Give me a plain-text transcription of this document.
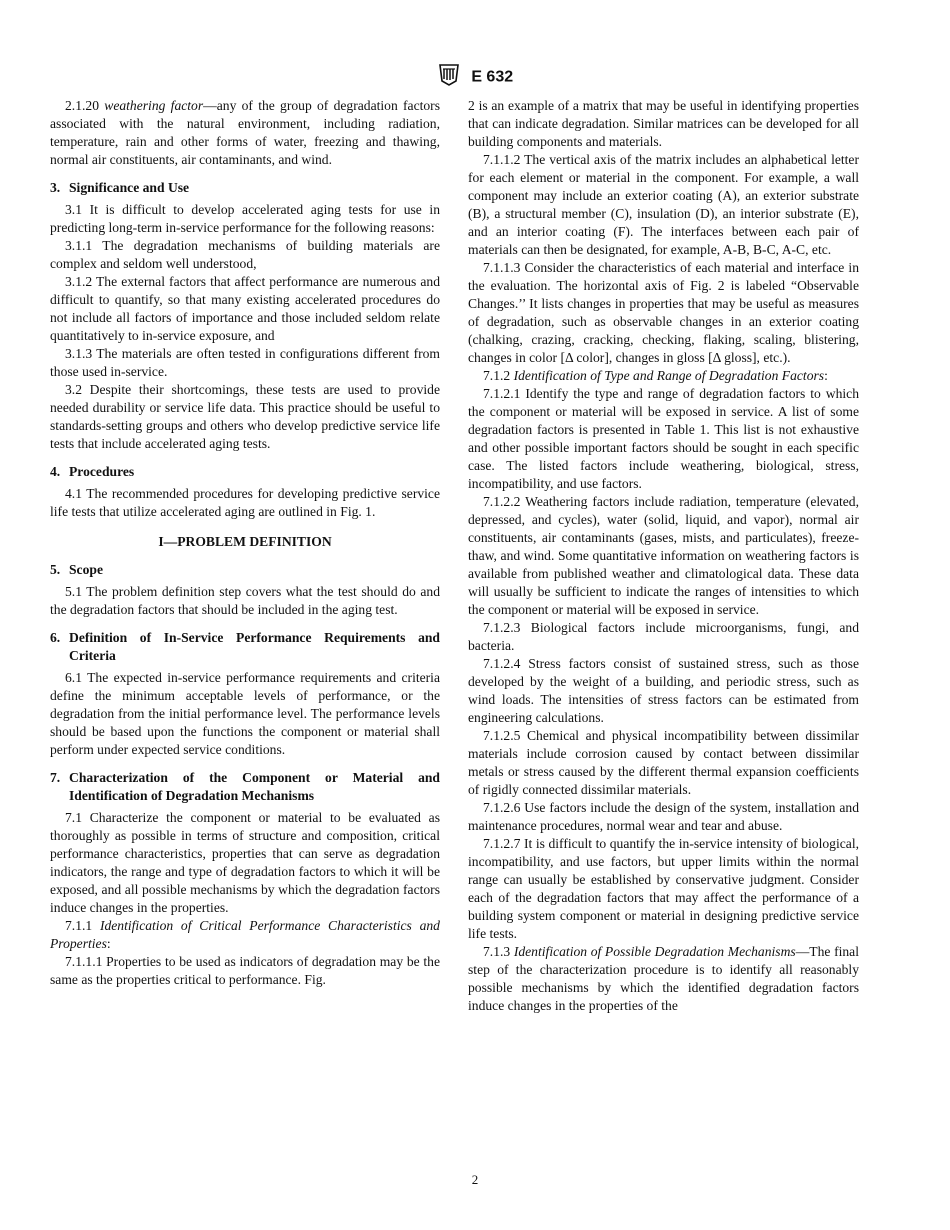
E 632

2.1.20 weathering factor—any of the group of degradation factors associated with the natural environment, including radiation, temperature, rain and other forms of water, freezing and thawing, normal air constituents, air contaminants, and wind.

3. Significance and Use

3.1 It is difficult to develop accelerated aging tests for use in predicting long-term in-service performance for the following reasons:

3.1.1 The degradation mechanisms of building materials are complex and seldom well understood,

3.1.2 The external factors that affect performance are numerous and difficult to quantify, so that many existing accelerated procedures do not include all factors of importance and those included seldom relate quantitatively to in-service exposure, and

3.1.3 The materials are often tested in configurations different from those used in-service.

3.2 Despite their shortcomings, these tests are used to provide needed durability or service life data. This practice should be useful to standards-setting groups and others who develop predictive service life tests that include accelerated aging tests.

4. Procedures

4.1 The recommended procedures for developing predictive service life tests that utilize accelerated aging are outlined in Fig. 1.

I—PROBLEM DEFINITION
5. Scope

5.1 The problem definition step covers what the test should do and the degradation factors that should be included in the aging test.

6. Definition of In-Service Performance Requirements and Criteria

6.1 The expected in-service performance requirements and criteria define the minimum acceptable levels of performance, or the degradation from the initial performance level. The performance levels should be based upon the functions the component or material shall perform under expected service conditions.

7. Characterization of the Component or Material and Identification of Degradation Mechanisms

7.1 Characterize the component or material to be evaluated as thoroughly as possible in terms of structure and composition, critical performance characteristics, properties that can serve as degradation indicators, the range and type of degradation factors to which it will be exposed, and all possible mechanisms by which the degradation factors induce changes in the properties.

7.1.1 Identification of Critical Performance Characteristics and Properties:

7.1.1.1 Properties to be used as indicators of degradation may be the same as the properties critical to performance. Fig.

2 is an example of a matrix that may be useful in identifying properties that can indicate degradation. Similar matrices can be developed for all building components and materials.

7.1.1.2 The vertical axis of the matrix includes an alphabetical letter for each element or material in the component. For example, a wall component may include an exterior coating (A), an exterior substrate (B), a structural member (C), insulation (D), an interior substrate (E), and an interior coating (F). The interfaces between each pair of materials can then be designated, for example, A-B, B-C, A-C, etc.

7.1.1.3 Consider the characteristics of each material and interface in the evaluation. The horizontal axis of Fig. 2 is labeled “Observable Changes.’’ It lists changes in properties that may be useful as measures of degradation, such as observable changes in an exterior coating (chalking, crazing, cracking, checking, flaking, scaling, blistering, changes in color [Δ color], changes in gloss [Δ gloss], etc.).

7.1.2 Identification of Type and Range of Degradation Factors:

7.1.2.1 Identify the type and range of degradation factors to which the component or material will be exposed in service. A list of some degradation factors is presented in Table 1. This list is not exhaustive and other possible important factors should be sought in each specific case. The listed factors include weathering, biological, stress, incompatibility, and use factors.

7.1.2.2 Weathering factors include radiation, temperature (elevated, depressed, and cycles), water (solid, liquid, and vapor), normal air constituents, air contaminants (gases, mists, and particulates), freeze-thaw, and wind. Some quantitative information on weathering factors is available from published weather and climatological data. These data will usually be sufficient to indicate the ranges of intensities to which the component or material will be exposed in service.

7.1.2.3 Biological factors include microorganisms, fungi, and bacteria.

7.1.2.4 Stress factors consist of sustained stress, such as those developed by the weight of a building, and periodic stress, such as wind loads. The intensities of stress factors can be estimated from engineering calculations.

7.1.2.5 Chemical and physical incompatibility between dissimilar materials include corrosion caused by contact between dissimilar metals or stress caused by the different thermal expansion coefficients of rigidly connected dissimilar materials.

7.1.2.6 Use factors include the design of the system, installation and maintenance procedures, normal wear and tear and abuse.

7.1.2.7 It is difficult to quantify the in-service intensity of biological, incompatibility, and use factors, but upper limits within the normal range can usually be established by conservative judgment. Consider each of the degradation factors that may affect the performance of a building system component or material in designing predictive service life tests.

7.1.3 Identification of Possible Degradation Mechanisms—The final step of the characterization procedure is to identify all reasonably possible mechanisms by which the identified degradation factors induce changes in the properties of the

2
